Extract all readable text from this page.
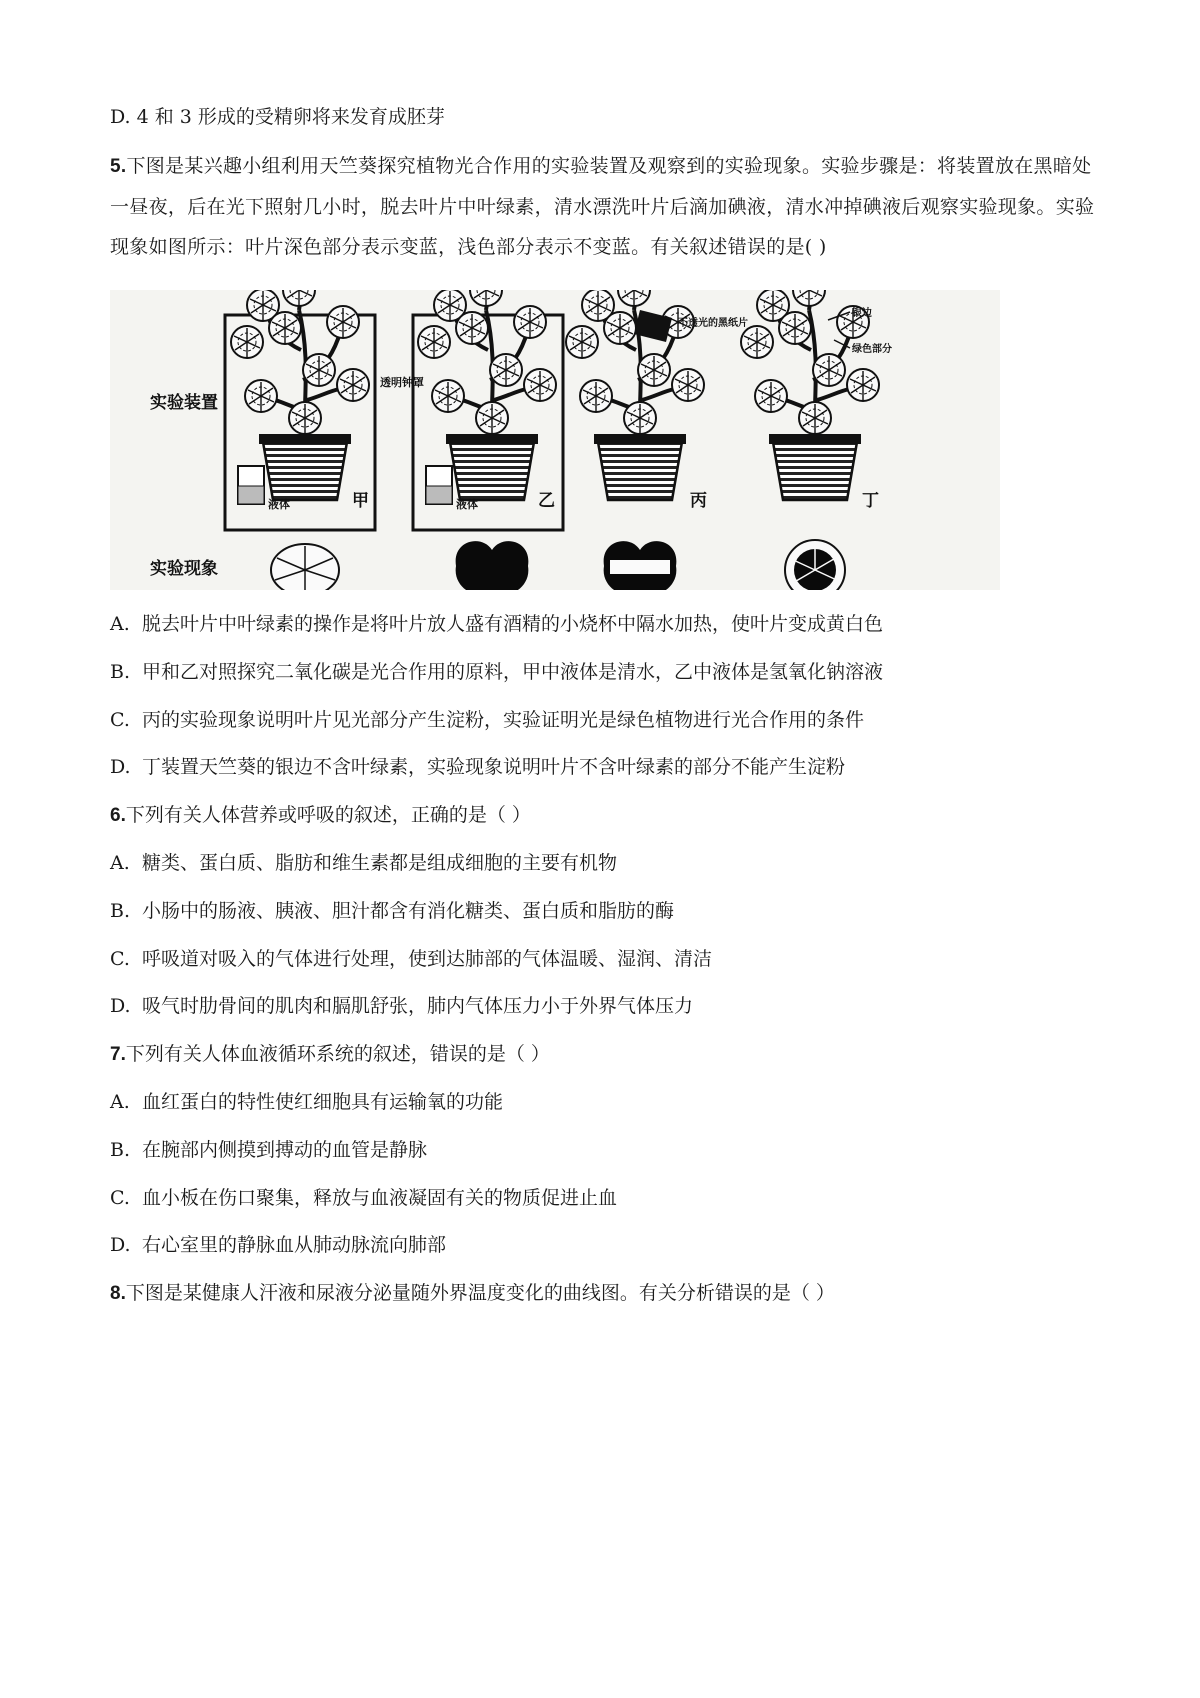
D. 4 和 3 形成的受精卵将来发育成胚芽
5.下图是某兴趣小组利用天竺葵探究植物光合作用的实验装置及观察到的实验现象。实验步骤是：将装置放在黑暗处一昼夜，后在光下照射几小时，脱去叶片中叶绿素，清水漂洗叶片后滴加碘液，清水冲掉碘液后观察实验现象。实验现象如图所示：叶片深色部分表示变蓝，浅色部分表示不变蓝。有关叙述错误的是( )
实验装置
实验现象
液体	甲
透明钟罩
液体	乙
不透光的黑纸片
丙
银边
绿色部分
丁
A. 脱去叶片中叶绿素的操作是将叶片放人盛有酒精的小烧杯中隔水加热，使叶片变成黄白色
B. 甲和乙对照探究二氧化碳是光合作用的原料，甲中液体是清水，乙中液体是氢氧化钠溶液
C. 丙的实验现象说明叶片见光部分产生淀粉，实验证明光是绿色植物进行光合作用的条件
D. 丁装置天竺葵的银边不含叶绿素，实验现象说明叶片不含叶绿素的部分不能产生淀粉
6.下列有关人体营养或呼吸的叙述，正确的是（ ）
A. 糖类、蛋白质、脂肪和维生素都是组成细胞的主要有机物
B. 小肠中的肠液、胰液、胆汁都含有消化糖类、蛋白质和脂肪的酶
C. 呼吸道对吸入的气体进行处理，使到达肺部的气体温暖、湿润、清洁
D. 吸气时肋骨间的肌肉和膈肌舒张，肺内气体压力小于外界气体压力
7.下列有关人体血液循环系统的叙述，错误的是（ ）
A. 血红蛋白的特性使红细胞具有运输氧的功能
B. 在腕部内侧摸到搏动的血管是静脉
C. 血小板在伤口聚集，释放与血液凝固有关的物质促进止血
D. 右心室里的静脉血从肺动脉流向肺部
8.下图是某健康人汗液和尿液分泌量随外界温度变化的曲线图。有关分析错误的是（ ）
